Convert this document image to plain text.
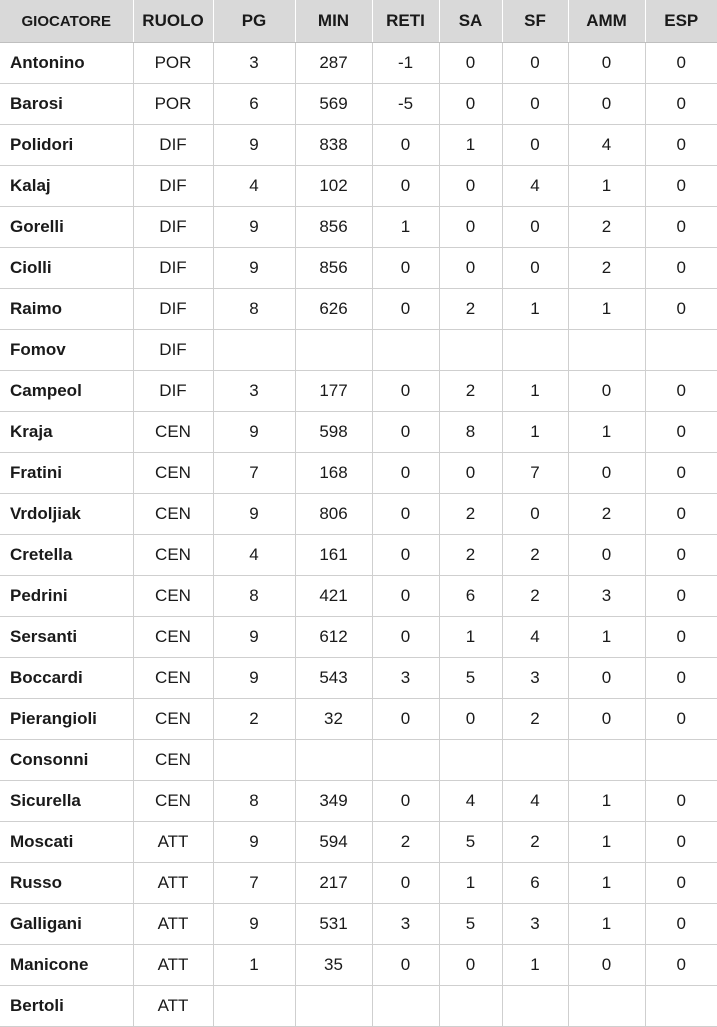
GIOCATORE	RUOLO	PG	MIN	RETI	SA	SF	AMM	ESP
Antonino	POR	3	287	-1	0	0	0	0
Barosi	POR	6	569	-5	0	0	0	0
Polidori	DIF	9	838	0	1	0	4	0
Kalaj	DIF	4	102	0	0	4	1	0
Gorelli	DIF	9	856	1	0	0	2	0
Ciolli	DIF	9	856	0	0	0	2	0
Raimo	DIF	8	626	0	2	1	1	0
Fomov	DIF							
Campeol	DIF	3	177	0	2	1	0	0
Kraja	CEN	9	598	0	8	1	1	0
Fratini	CEN	7	168	0	0	7	0	0
Vrdoljiak	CEN	9	806	0	2	0	2	0
Cretella	CEN	4	161	0	2	2	0	0
Pedrini	CEN	8	421	0	6	2	3	0
Sersanti	CEN	9	612	0	1	4	1	0
Boccardi	CEN	9	543	3	5	3	0	0
Pierangioli	CEN	2	32	0	0	2	0	0
Consonni	CEN							
Sicurella	CEN	8	349	0	4	4	1	0
Moscati	ATT	9	594	2	5	2	1	0
Russo	ATT	7	217	0	1	6	1	0
Galligani	ATT	9	531	3	5	3	1	0
Manicone	ATT	1	35	0	0	1	0	0
Bertoli	ATT							
